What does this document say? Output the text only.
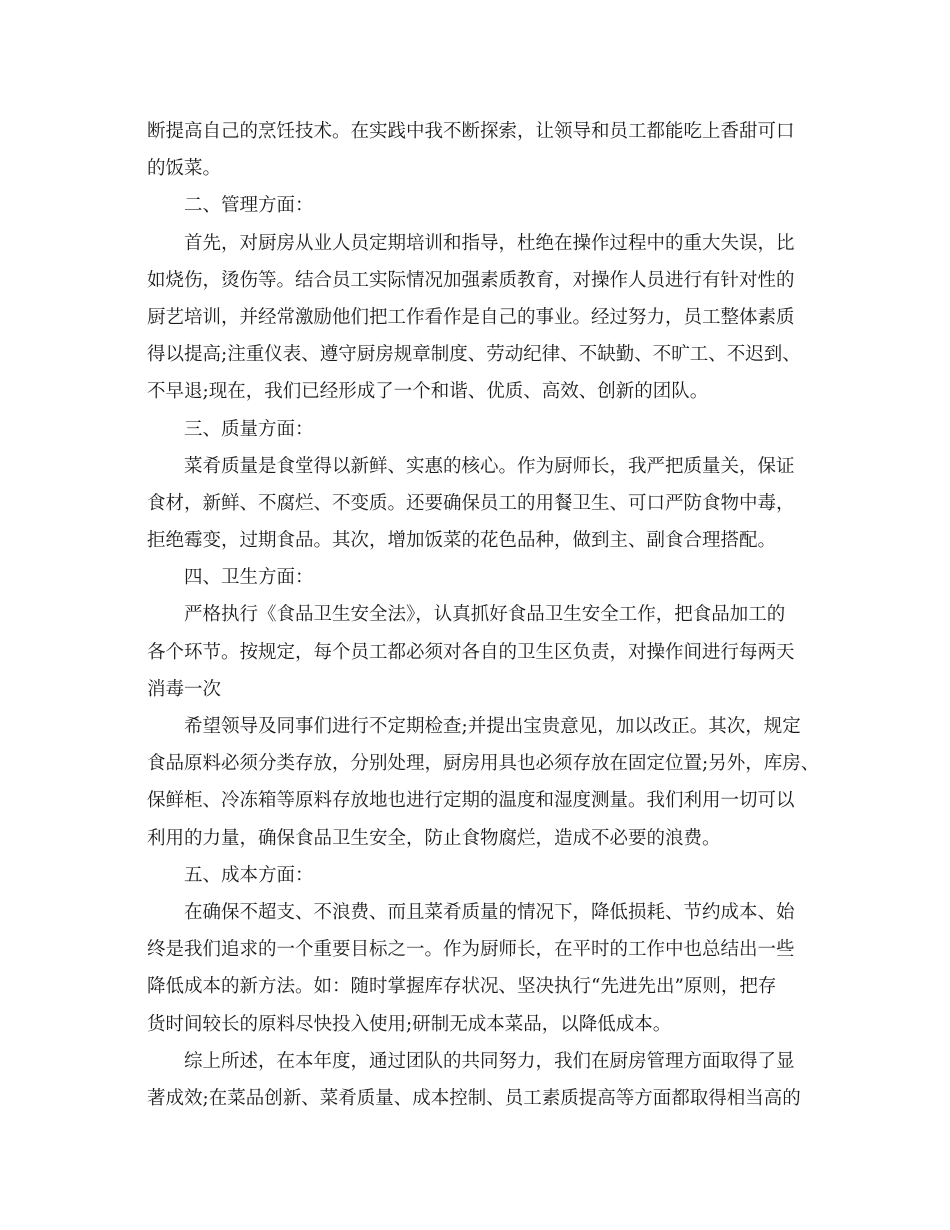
断提高自己的烹饪技术。在实践中我不断探索，让领导和员工都能吃上香甜可口
的饭菜。
二、管理方面：
首先，对厨房从业人员定期培训和指导，杜绝在操作过程中的重大失误，比
如烧伤，烫伤等。结合员工实际情况加强素质教育，对操作人员进行有针对性的
厨艺培训，并经常激励他们把工作看作是自己的事业。经过努力，员工整体素质
得以提高;注重仪表、遵守厨房规章制度、劳动纪律、不缺勤、不旷工、不迟到、
不早退;现在，我们已经形成了一个和谐、优质、高效、创新的团队。
三、质量方面：
菜肴质量是食堂得以新鲜、实惠的核心。作为厨师长，我严把质量关，保证
食材，新鲜、不腐烂、不变质。还要确保员工的用餐卫生、可口严防食物中毒，
拒绝霉变，过期食品。其次，增加饭菜的花色品种，做到主、副食合理搭配。
四、卫生方面：
严格执行《食品卫生安全法》，认真抓好食品卫生安全工作，把食品加工的
各个环节。按规定，每个员工都必须对各自的卫生区负责，对操作间进行每两天
消毒一次
希望领导及同事们进行不定期检查;并提出宝贵意见，加以改正。其次，规定
食品原料必须分类存放，分别处理，厨房用具也必须存放在固定位置;另外，库房、
保鲜柜、冷冻箱等原料存放地也进行定期的温度和湿度测量。我们利用一切可以
利用的力量，确保食品卫生安全，防止食物腐烂，造成不必要的浪费。
五、成本方面：
在确保不超支、不浪费、而且菜肴质量的情况下，降低损耗、节约成本、始
终是我们追求的一个重要目标之一。作为厨师长，在平时的工作中也总结出一些
降低成本的新方法。如：随时掌握库存状况、坚决执行“先进先出”原则，把存
货时间较长的原料尽快投入使用;研制无成本菜品，以降低成本。
综上所述，在本年度，通过团队的共同努力，我们在厨房管理方面取得了显
著成效;在菜品创新、菜肴质量、成本控制、员工素质提高等方面都取得相当高的
